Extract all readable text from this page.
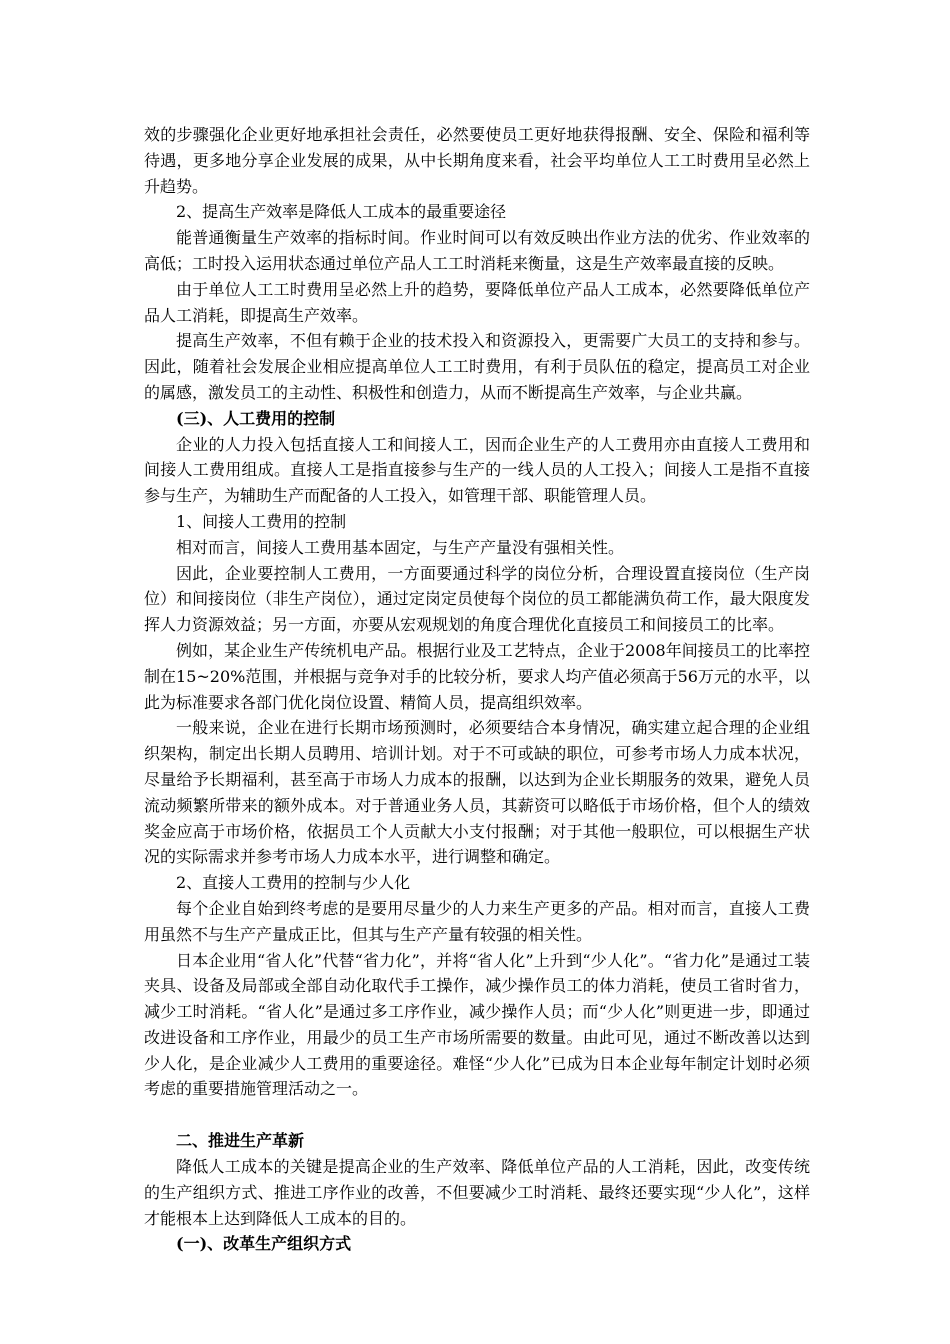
效的步骤强化企业更好地承担社会责任，必然要使员工更好地获得报酬、安全、保险和福利等待遇，更多地分享企业发展的成果，从中长期角度来看，社会平均单位人工工时费用呈必然上升趋势。

2、提高生产效率是降低人工成本的最重要途径

能普通衡量生产效率的指标时间。作业时间可以有效反映出作业方法的优劣、作业效率的高低；工时投入运用状态通过单位产品人工工时消耗来衡量，这是生产效率最直接的反映。

由于单位人工工时费用呈必然上升的趋势，要降低单位产品人工成本，必然要降低单位产品人工消耗，即提高生产效率。

提高生产效率，不但有赖于企业的技术投入和资源投入，更需要广大员工的支持和参与。因此，随着社会发展企业相应提高单位人工工时费用，有利于员队伍的稳定，提高员工对企业的属感，激发员工的主动性、积极性和创造力，从而不断提高生产效率，与企业共赢。

(三)、人工费用的控制

企业的人力投入包括直接人工和间接人工，因而企业生产的人工费用亦由直接人工费用和间接人工费用组成。直接人工是指直接参与生产的一线人员的人工投入；间接人工是指不直接参与生产，为辅助生产而配备的人工投入，如管理干部、职能管理人员。

1、间接人工费用的控制

相对而言，间接人工费用基本固定，与生产产量没有强相关性。

因此，企业要控制人工费用，一方面要通过科学的岗位分析，合理设置直接岗位（生产岗位）和间接岗位（非生产岗位），通过定岗定员使每个岗位的员工都能满负荷工作，最大限度发挥人力资源效益；另一方面，亦要从宏观规划的角度合理优化直接员工和间接员工的比率。

例如，某企业生产传统机电产品。根据行业及工艺特点，企业于2008年间接员工的比率控制在15~20%范围，并根据与竞争对手的比较分析，要求人均产值必须高于56万元的水平，以此为标准要求各部门优化岗位设置、精简人员，提高组织效率。

一般来说，企业在进行长期市场预测时，必须要结合本身情况，确实建立起合理的企业组织架构，制定出长期人员聘用、培训计划。对于不可或缺的职位，可参考市场人力成本状况，尽量给予长期福利，甚至高于市场人力成本的报酬，以达到为企业长期服务的效果，避免人员流动频繁所带来的额外成本。对于普通业务人员，其薪资可以略低于市场价格，但个人的绩效奖金应高于市场价格，依据员工个人贡献大小支付报酬；对于其他一般职位，可以根据生产状况的实际需求并参考市场人力成本水平，进行调整和确定。

2、直接人工费用的控制与少人化

每个企业自始到终考虑的是要用尽量少的人力来生产更多的产品。相对而言，直接人工费用虽然不与生产产量成正比，但其与生产产量有较强的相关性。

日本企业用“省人化”代替“省力化”，并将“省人化”上升到“少人化”。“省力化”是通过工装夹具、设备及局部或全部自动化取代手工操作，减少操作员工的体力消耗，使员工省时省力，减少工时消耗。“省人化”是通过多工序作业，减少操作人员；而“少人化”则更进一步，即通过改进设备和工序作业，用最少的员工生产市场所需要的数量。由此可见，通过不断改善以达到少人化，是企业减少人工费用的重要途径。难怪“少人化”已成为日本企业每年制定计划时必须考虑的重要措施管理活动之一。

二、推进生产革新

降低人工成本的关键是提高企业的生产效率、降低单位产品的人工消耗，因此，改变传统的生产组织方式、推进工序作业的改善，不但要减少工时消耗、最终还要实现“少人化”，这样才能根本上达到降低人工成本的目的。

(一)、改革生产组织方式
